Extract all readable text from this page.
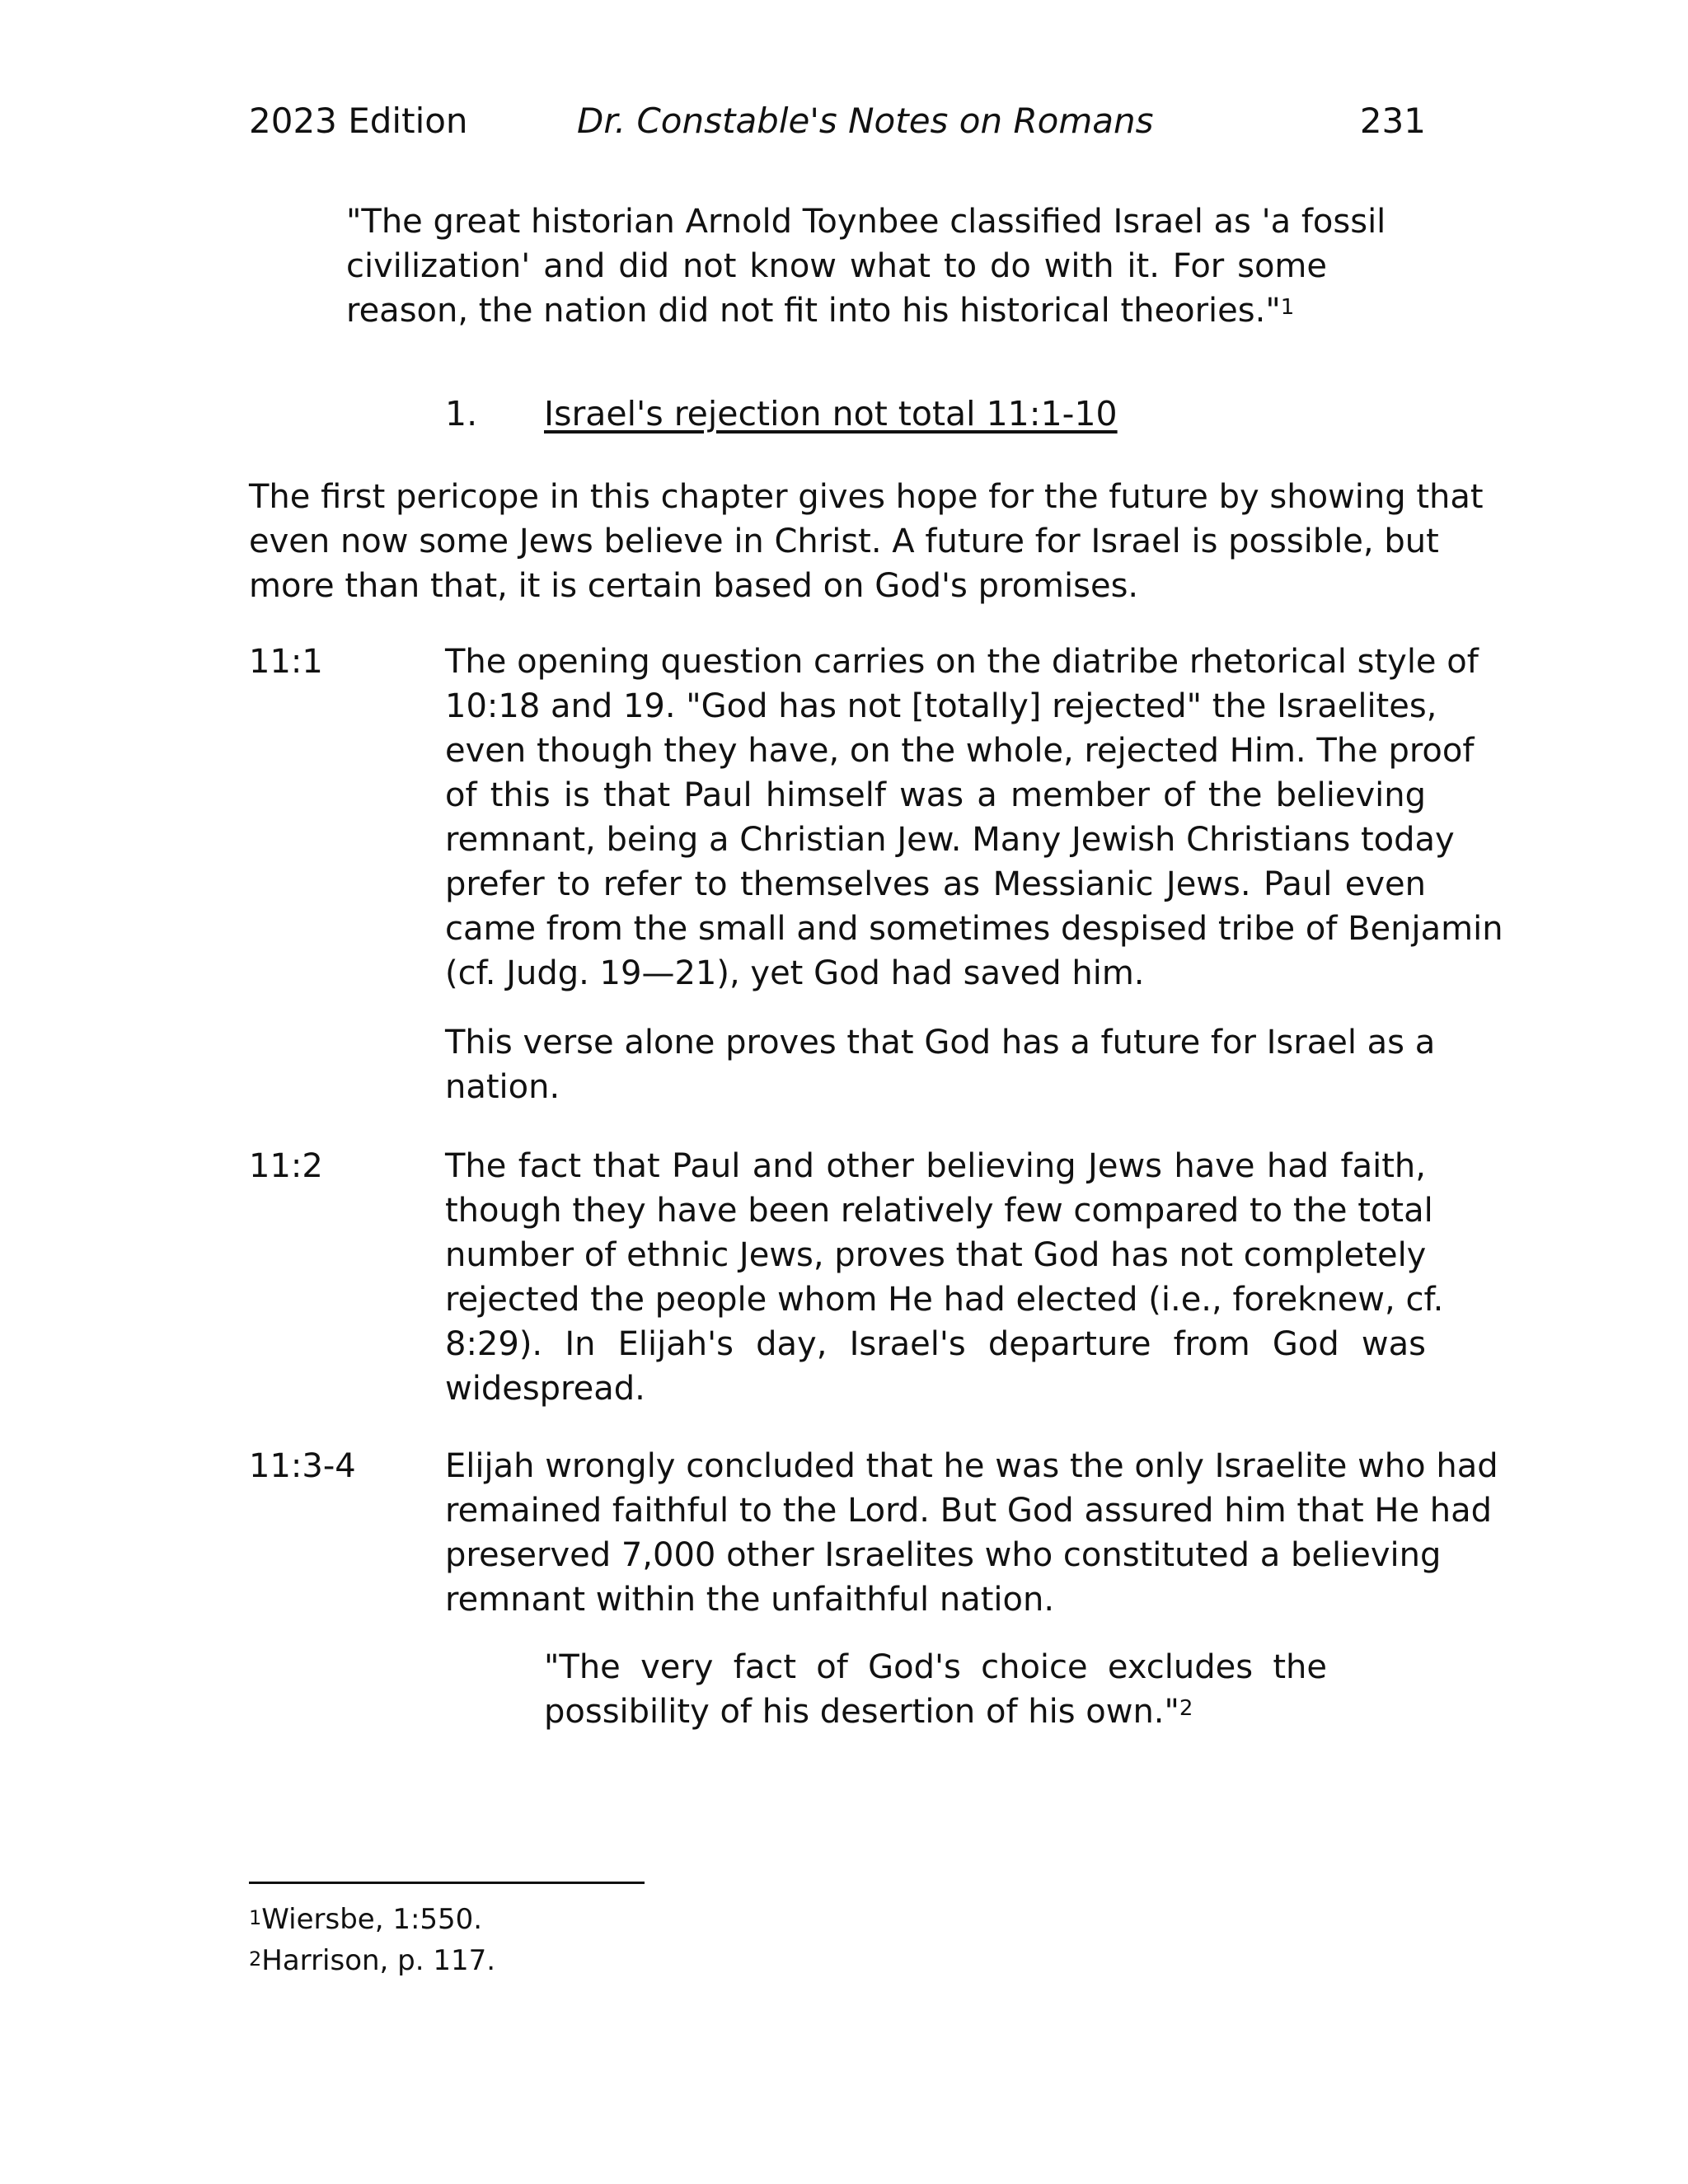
2023 Edition	Dr. Constable's Notes on Romans	231
"The great historian Arnold Toynbee classified Israel as 'a fossil
civilization' and did not know what to do with it. For some
reason, the nation did not fit into his historical theories."$^1$
1. Israel's rejection not total 11:1-10
The first pericope in this chapter gives hope for the future by showing that
even now some Jews believe in Christ. A future for Israel is possible, but
more than that, it is certain based on God's promises.
11:1	The opening question carries on the diatribe rhetorical style of
10:18 and 19. "God has not [totally] rejected" the Israelites,
even though they have, on the whole, rejected Him. The proof
of this is that Paul himself was a member of the believing
remnant, being a Christian Jew. Many Jewish Christians today
prefer to refer to themselves as Messianic Jews. Paul even
came from the small and sometimes despised tribe of Benjamin
(cf. Judg. 19—21), yet God had saved him.
This verse alone proves that God has a future for Israel as a
nation.
11:2	The fact that Paul and other believing Jews have had faith,
though they have been relatively few compared to the total
number of ethnic Jews, proves that God has not completely
rejected the people whom He had elected (i.e., foreknew, cf.
8:29). In Elijah's day, Israel's departure from God was
widespread.
11:3-4	Elijah wrongly concluded that he was the only Israelite who had
remained faithful to the Lord. But God assured him that He had
preserved 7,000 other Israelites who constituted a believing
remnant within the unfaithful nation.
"The very fact of God's choice excludes the
possibility of his desertion of his own."$^2$
$^1$Wiersbe, 1:550.
$^2$Harrison, p. 117.
